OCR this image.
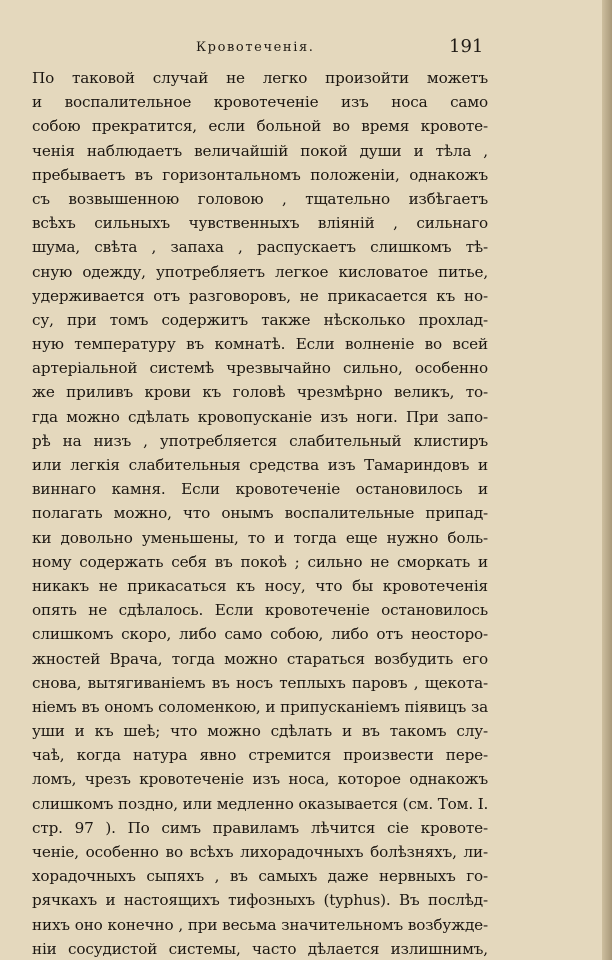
Кровотеченія.	191
По таковой случай не легко произойти можетъ
и воспалительное кровотеченіе изъ носа само
собою прекратится, если больной во время кровоте-
ченія наблюдаетъ величайшій покой души и тѣла ,
пребываетъ въ горизонтальномъ положеніи, однакожъ
съ возвышенною головою , тщательно избѣгаетъ
всѣхъ сильныхъ чувственныхъ вліяній , сильнаго
шума, свѣта , запаха , распускаетъ слишкомъ тѣ-
сную одежду, употребляетъ легкое кисловатое питье,
удерживается отъ разговоровъ, не прикасается къ но-
су, при томъ содержитъ также нѣсколько прохлад-
ную температуру въ комнатѣ. Если волненіе во всей
артеріальной системѣ чрезвычайно сильно, особенно
же приливъ крови къ головѣ чрезмѣрно великъ, то-
гда можно сдѣлать кровопусканіе изъ ноги. При запо-
рѣ на низъ , употребляется слабительный клистиръ
или легкія слабительныя средства изъ Тамариндовъ и
виннаго камня. Если кровотеченіе остановилось и
полагать можно, что онымъ воспалительные припад-
ки довольно уменьшены, то и тогда еще нужно боль-
ному содержать себя въ покоѣ ; сильно не сморкать и
никакъ не прикасаться къ носу, что бы кровотеченія
опять не сдѣлалось. Если кровотеченіе остановилось
слишкомъ скоро, либо само собою, либо отъ неосторо-
жностей Врача, тогда можно стараться возбудить его
снова, вытягиваніемъ въ носъ теплыхъ паровъ , щекота-
ніемъ въ ономъ соломенкою, и припусканіемъ піявицъ за
уши и къ шеѣ; что можно сдѣлать и въ такомъ слу-
чаѣ, когда натура явно стремится произвести пере-
ломъ, чрезъ кровотеченіе изъ носа, которое однакожъ
слишкомъ поздно, или медленно оказывается (см. Том. I.
стр. 97 ). По симъ правиламъ лѣчится сіе кровоте-
ченіе, особенно во всѣхъ лихорадочныхъ болѣзняхъ, ли-
хорадочныхъ сыпяхъ , въ самыхъ даже нервныхъ го-
рячкахъ и настоящихъ тифозныхъ (typhus). Въ послѣд-
нихъ оно конечно , при весьма значительномъ возбужде-
ніи сосудистой системы, часто дѣлается излишнимъ,
